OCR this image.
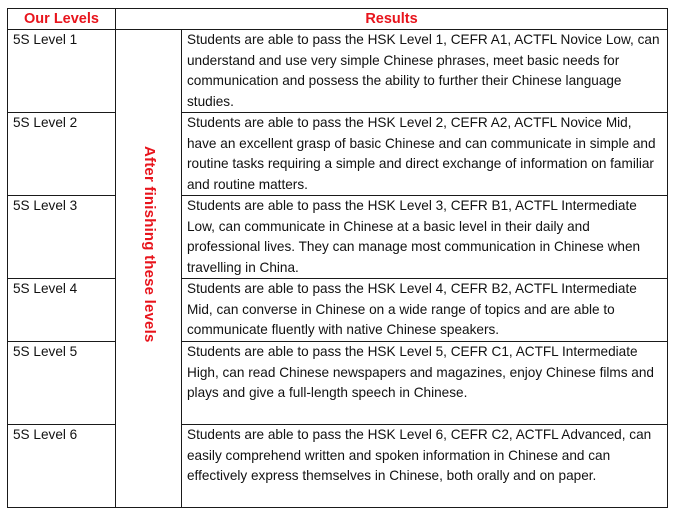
Our Levels	Results	
5S Level 1	After finishing these levels	Students are able to pass the HSK Level 1, CEFR A1, ACTFL Novice Low, can understand and use very simple Chinese phrases, meet basic needs for communication and possess the ability to further their Chinese language studies.
5S Level 2		Students are able to pass the HSK Level 2, CEFR A2, ACTFL Novice Mid, have an excellent grasp of basic Chinese and can communicate in simple and routine tasks requiring a simple and direct exchange of information on familiar and routine matters.
5S Level 3		Students are able to pass the HSK Level 3, CEFR B1, ACTFL Intermediate Low, can communicate in Chinese at a basic level in their daily and professional lives. They can manage most communication in Chinese when travelling in China.
5S Level 4		Students are able to pass the HSK Level 4, CEFR B2, ACTFL Intermediate Mid, can converse in Chinese on a wide range of topics and are able to communicate fluently with native Chinese speakers.
5S Level 5		Students are able to pass the HSK Level 5, CEFR C1, ACTFL Intermediate High, can read Chinese newspapers and magazines, enjoy Chinese films and plays and give a full-length speech in Chinese.
5S Level 6		Students are able to pass the HSK Level 6, CEFR C2, ACTFL Advanced, can easily comprehend written and spoken information in Chinese and can effectively express themselves in Chinese, both orally and on paper.
